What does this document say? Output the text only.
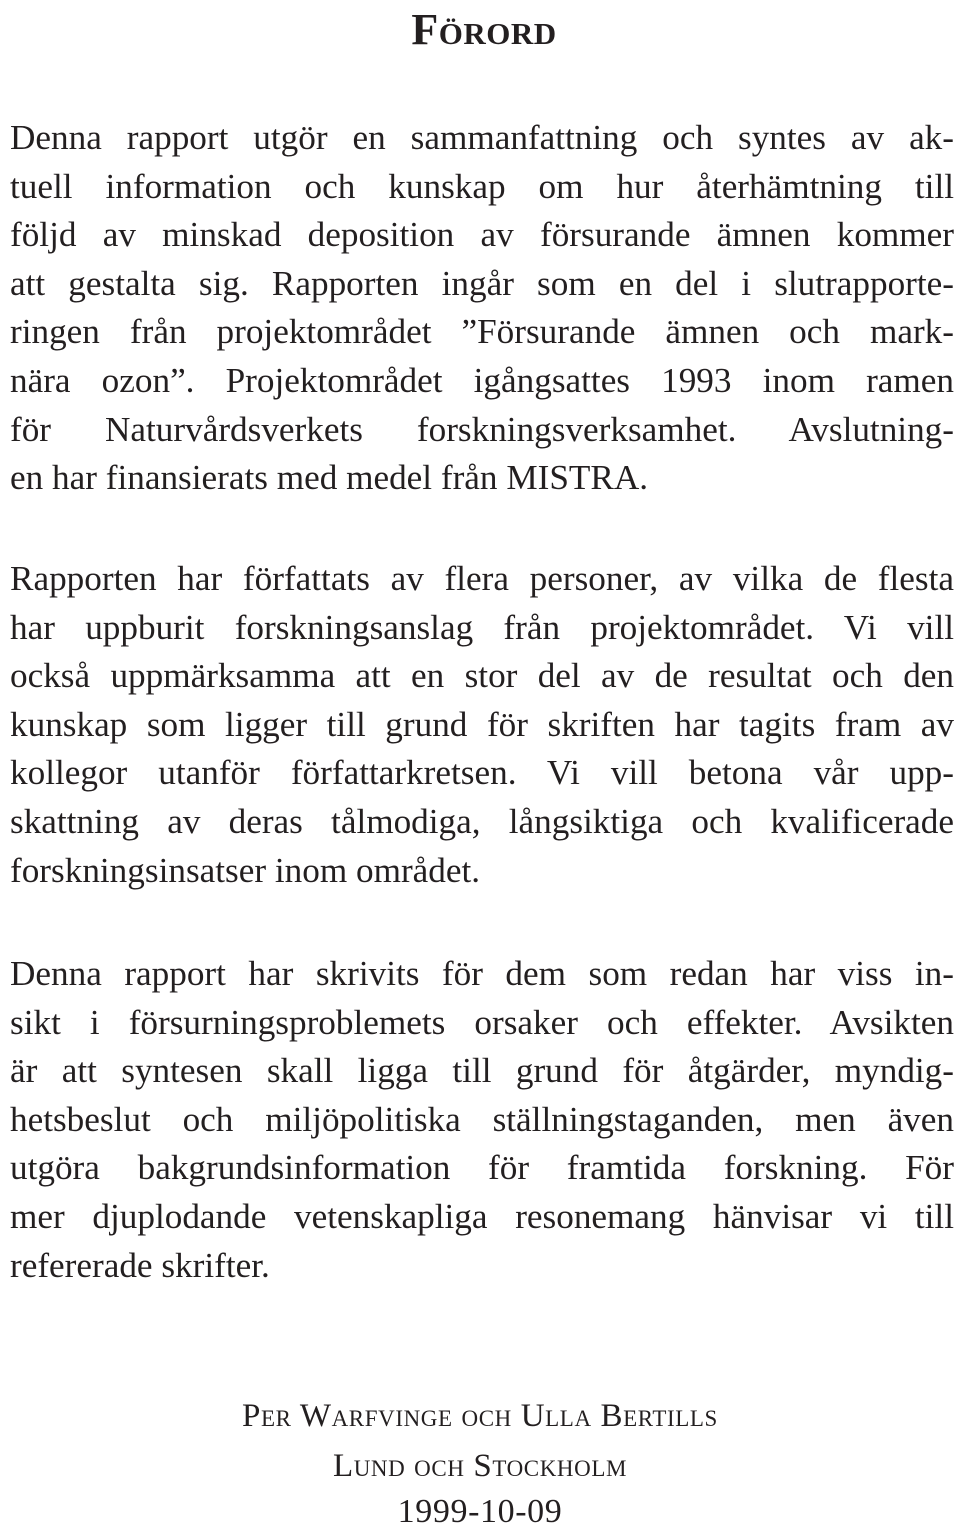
Förord
Denna rapport utgör en sammanfattning och syntes av ak-
tuell information och kunskap om hur återhämtning till
följd av minskad deposition av försurande ämnen kommer
att gestalta sig. Rapporten ingår som en del i slutrapporte-
ringen från projektområdet ”Försurande ämnen och mark-
nära ozon”. Projektområdet igångsattes 1993 inom ramen
för Naturvårdsverkets forskningsverksamhet. Avslutning-
en har finansierats med medel från MISTRA.
Rapporten har författats av flera personer, av vilka de flesta
har uppburit forskningsanslag från projektområdet. Vi vill
också uppmärksamma att en stor del av de resultat och den
kunskap som ligger till grund för skriften har tagits fram av
kollegor utanför författarkretsen. Vi vill betona vår upp-
skattning av deras tålmodiga, långsiktiga och kvalificerade
forskningsinsatser inom området.
Denna rapport har skrivits för dem som redan har viss in-
sikt i försurningsproblemets orsaker och effekter. Avsikten
är att syntesen skall ligga till grund för åtgärder, myndig-
hetsbeslut och miljöpolitiska ställningstaganden, men även
utgöra bakgrundsinformation för framtida forskning. För
mer djuplodande vetenskapliga resonemang hänvisar vi till
refererade skrifter.

Per Warfvinge och Ulla Bertills

Lund och Stockholm

1999-10-09
